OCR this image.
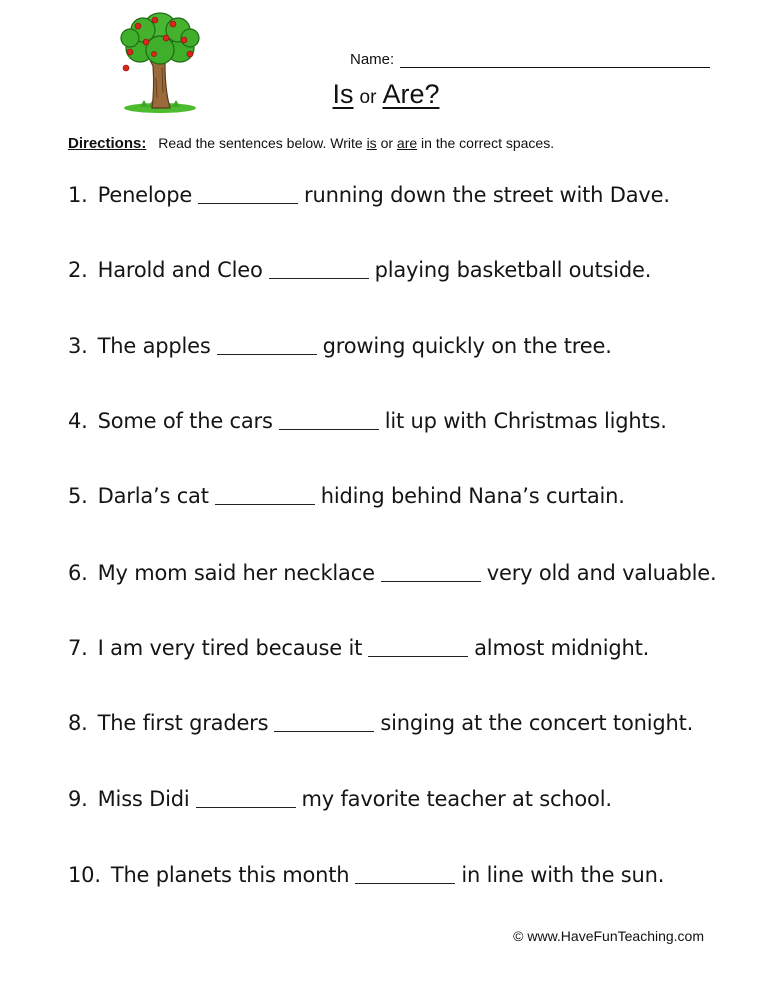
Name:
Is or Are?
Directions: Read the sentences below. Write is or are in the correct spaces.
1. Penelope	running down the street with Dave.
2. Harold and Cleo	playing basketball outside.
3. The apples	growing quickly on the tree.
4. Some of the cars	lit up with Christmas lights.
5. Darla’s cat	hiding behind Nana’s curtain.
6. My mom said her necklace	very old and valuable.
7. I am very tired because it	almost midnight.
8. The first graders	singing at the concert tonight.
9. Miss Didi	my favorite teacher at school.
10. The planets this month	in line with the sun.
© www.HaveFunTeaching.com
